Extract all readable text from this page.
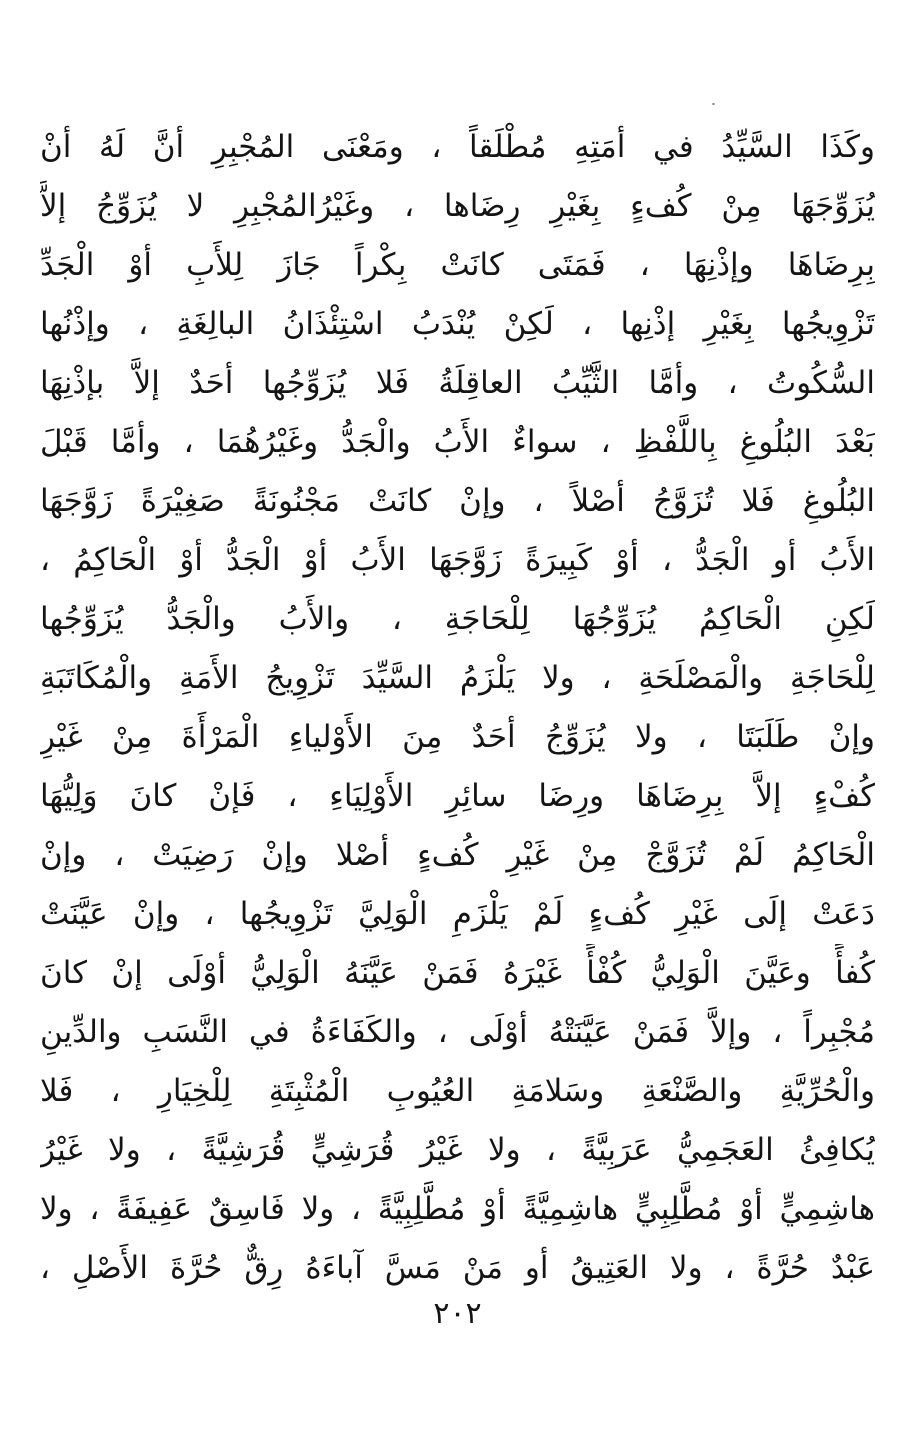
وكَذَا السَّيِّدُ في أمَتِهِ مُطْلَقاً ، ومَعْنَى المُجْبِرِ أنَّ لَهُ أنْ
يُزَوِّجَهَا مِنْ كُفءٍ بِغَيْرِ رِضَاها ، وغَيْرُالمُجْبِرِ لا يُزَوِّجُ إلاَّ
بِرِضَاهَا وإذْنِهَا ، فَمَتَى كانَتْ بِكْراً جَازَ لِلأَبِ أوْ الْجَدِّ
تَزْوِيجُها بِغَيْرِ إذْنِها ، لَكِنْ يُنْدَبُ اسْتِئْذَانُ البالِغَةِ ، وإذْنُها
السُّكُوتُ ، وأمَّا الثَّيِّبُ العاقِلَةُ فَلا يُزَوِّجُها أحَدٌ إلاَّ بإذْنِهَا
بَعْدَ البُلُوغِ بِاللَّفْظِ ، سواءٌ الأَبُ والْجَدُّ وغَيْرُهُمَا ، وأمَّا قَبْلَ
البُلُوغِ فَلا تُزَوَّجُ أصْلاً ، وإنْ كانَتْ مَجْنُونَةً صَغِيْرَةً زَوَّجَهَا
الأَبُ أو الْجَدُّ ، أوْ كَبِيرَةً زَوَّجَهَا الأَبُ أوْ الْجَدُّ أوْ الْحَاكِمُ ،
لَكِنِ الْحَاكِمُ يُزَوِّجُهَا لِلْحَاجَةِ ، والأَبُ والْجَدُّ يُزَوِّجُها
لِلْحَاجَةِ والْمَصْلَحَةِ ، ولا يَلْزَمُ السَّيِّدَ تَزْوِيجُ الأَمَةِ والْمُكَاتَبَةِ
وإنْ طَلَبَتَا ، ولا يُزَوِّجُ أحَدٌ مِنَ الأَوْلياءِ الْمَرْأَةَ مِنْ غَيْرِ
كُفْءٍ إلاَّ بِرِضَاهَا ورِضَا سائِرِ الأَوْلِيَاءِ ، فَإنْ كانَ وَلِيُّهَا
الْحَاكِمُ لَمْ تُزَوَّجْ مِنْ غَيْرِ كُفءٍ أصْلا وإنْ رَضِيَتْ ، وإنْ
دَعَتْ إلَى غَيْرِ كُفءٍ لَمْ يَلْزَمِ الْوَلِيَّ تَزْوِيجُها ، وإنْ عَيَّنَتْ
كُفأً وعَيَّنَ الْوَلِيُّ كُفْأً غَيْرَهُ فَمَنْ عَيَّنَهُ الْوَلِيُّ أوْلَى إنْ كانَ
مُجْبِراً ، وإلاَّ فَمَنْ عَيَّنَتْهُ أوْلَى ، والكَفَاءَةُ في النَّسَبِ والدِّينِ
والْحُرِّيَّةِ والصَّنْعَةِ وسَلامَةِ العُيُوبِ الْمُثْبِتَةِ لِلْخِيَارِ ، فَلا
يُكافِئُ العَجَمِيُّ عَرَبِيَّةً ، ولا غَيْرُ قُرَشِيٍّ قُرَشِيَّةً ، ولا غَيْرُ
هاشِمِيٍّ أوْ مُطَّلِبِيٍّ هاشِمِيَّةً أوْ مُطَّلِبِيَّةً ، ولا فَاسِقٌ عَفِيفَةً ، ولا
عَبْدٌ حُرَّةً ، ولا العَتِيقُ أو مَنْ مَسَّ آباءَهُ رِقٌّ حُرَّةَ الأَصْلِ ،
٢٠٢
